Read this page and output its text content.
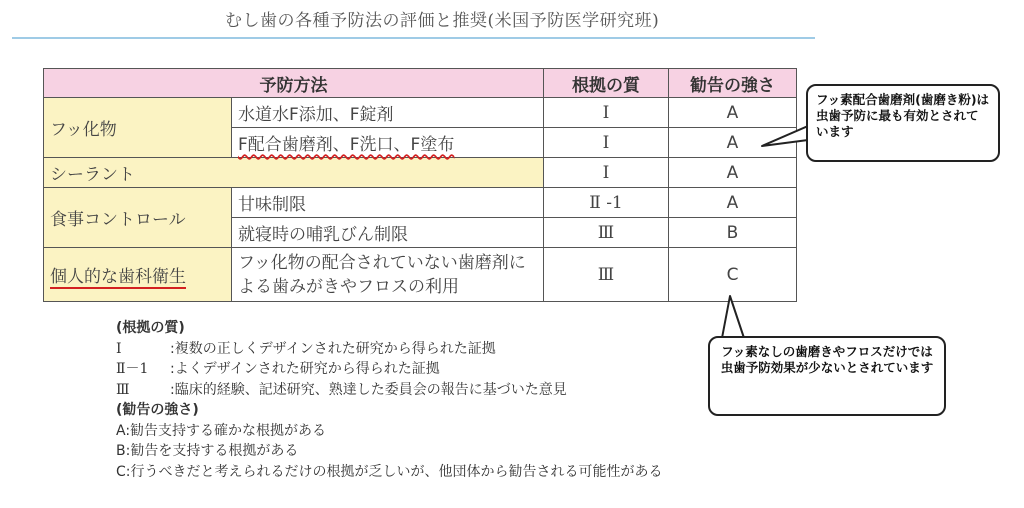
むし歯の各種予防法の評価と推奨(米国予防医学研究班)
予防方法		根拠の質	勧告の強さ
フッ化物	水道水F添加、F錠剤	Ⅰ	A
	F配合歯磨剤、F洗口、F塗布	Ⅰ	A
シーラント		Ⅰ	A
食事コントロール	甘味制限	Ⅱ -1	A
	就寝時の哺乳びん制限	Ⅲ	B
個人的な歯科衛生	フッ化物の配合されていない歯磨剤による歯みがきやフロスの利用	Ⅲ	C
(根拠の質)
Ⅰ	:複数の正しくデザインされた研究から得られた証拠
Ⅱ－1 :よくデザインされた研究から得られた証拠
Ⅲ	:臨床的経験、記述研究、熟達した委員会の報告に基づいた意見
(勧告の強さ)
A:勧告支持する確かな根拠がある
B:勧告を支持する根拠がある
C:行うべきだと考えられるだけの根拠が乏しいが、他団体から勧告される可能性がある
フッ素配合歯磨剤(歯磨き粉)は虫歯予防に最も有効とされています
フッ素なしの歯磨きやフロスだけでは虫歯予防効果が少ないとされています
